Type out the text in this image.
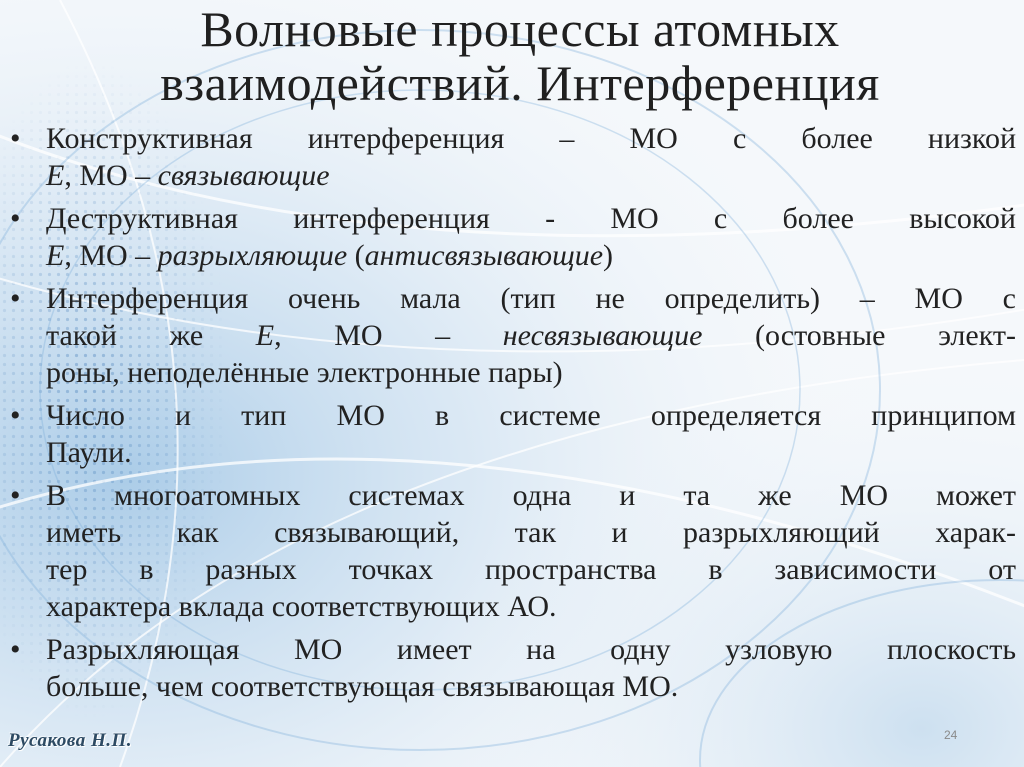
Волновые процессы атомных
взаимодействий. Интерференция
• Конструктивная интерференция – МО с более низкой
E, МО – связывающие
• Деструктивная интерференция - МО с более высокой
E, МО – разрыхляющие (антисвязывающие)
• Интерференция очень мала (тип не определить) – МО с
такой же E, МО – несвязывающие (остовные элект-
роны, неподелённые электронные пары)
• Число и тип МО в системе определяется принципом
Паули.
• В многоатомных системах одна и та же МО может
иметь как связывающий, так и разрыхляющий харак-
тер в разных точках пространства в зависимости от
характера вклада соответствующих АО.
• Разрыхляющая МО имеет на одну узловую плоскость
больше, чем соответствующая связывающая МО.
Русакова Н.П.	24
